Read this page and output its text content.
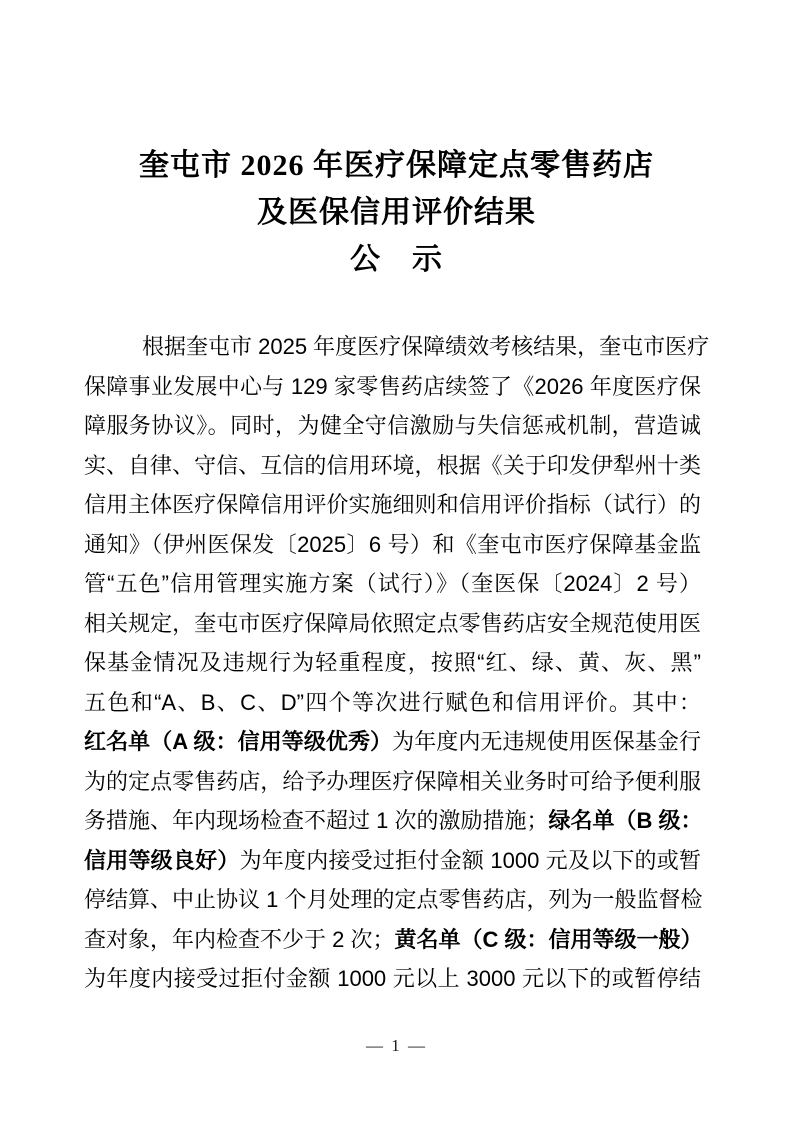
奎屯市 2026 年医疗保障定点零售药店
及医保信用评价结果
公　示
根据奎屯市 2025 年度医疗保障绩效考核结果，奎屯市医疗
保障事业发展中心与 129 家零售药店续签了《2026 年度医疗保
障服务协议》。同时，为健全守信激励与失信惩戒机制，营造诚
实、自律、守信、互信的信用环境，根据《关于印发伊犁州十类
信用主体医疗保障信用评价实施细则和信用评价指标（试行）的
通知》（伊州医保发〔2025〕6 号）和《奎屯市医疗保障基金监
管“五色”信用管理实施方案（试行）》（奎医保〔2024〕2 号）
相关规定，奎屯市医疗保障局依照定点零售药店安全规范使用医
保基金情况及违规行为轻重程度，按照“红、绿、黄、灰、黑”
五色和“A、B、C、D”四个等次进行赋色和信用评价。其中：
红名单（A 级：信用等级优秀）为年度内无违规使用医保基金行
为的定点零售药店，给予办理医疗保障相关业务时可给予便利服
务措施、年内现场检查不超过 1 次的激励措施；绿名单（B 级：
信用等级良好）为年度内接受过拒付金额 1000 元及以下的或暂
停结算、中止协议 1 个月处理的定点零售药店，列为一般监督检
查对象，年内检查不少于 2 次；黄名单（C 级：信用等级一般）
为年度内接受过拒付金额 1000 元以上 3000 元以下的或暂停结
— 1 —
